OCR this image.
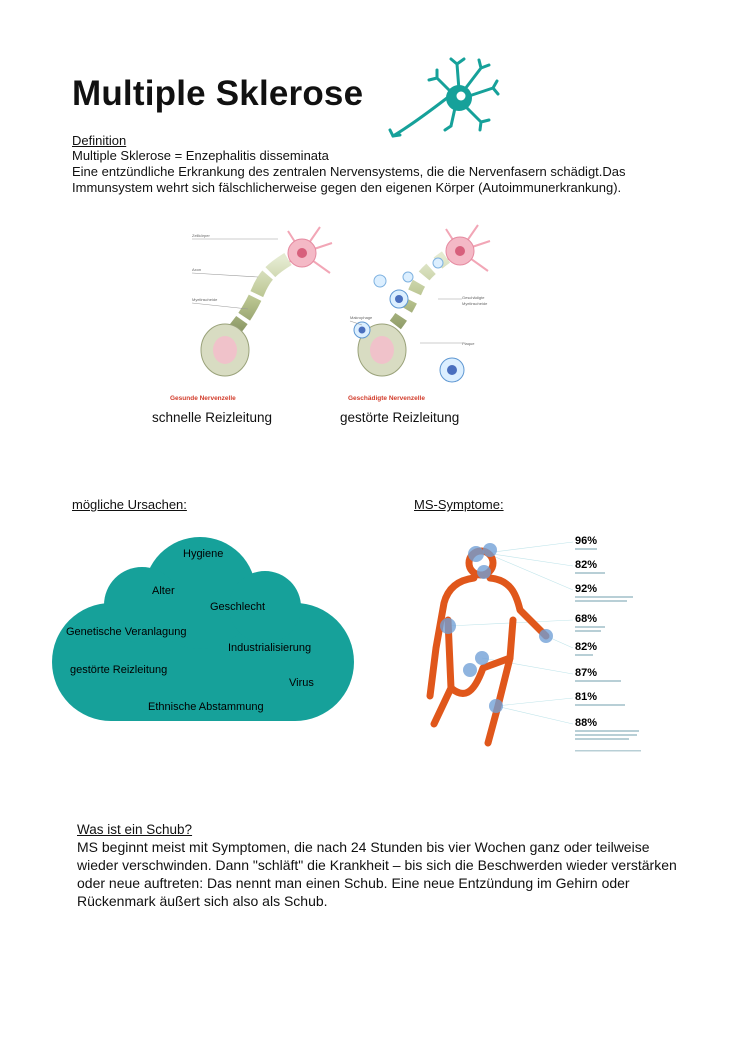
Multiple Sklerose
Definition
Multiple Sklerose = Enzephalitis disseminata
Eine entzündliche Erkrankung des zentralen Nervensystems, die die Nervenfasern schädigt.Das Immunsystem wehrt sich fälschlicherweise gegen den eigenen Körper (Autoimmunerkrankung).
Zellkörper
Axon
Myelinscheide	Geschädigte
Myelinscheide
Plaque
Makrophage
Gesunde Nervenzelle	Geschädigte Nervenzelle
schnelle Reizleitung	gestörte Reizleitung
mögliche Ursachen:	MS-Symptome:
Hygiene
Alter
Geschlecht
Genetische Veranlagung
Industrialisierung
gestörte Reizleitung
Virus
Ethnische Abstammung
96%
82%
92%
68%
82%
87%
81%
88%
Was ist ein Schub?
MS beginnt meist mit Symptomen, die nach 24 Stunden bis vier Wochen ganz oder teilweise wieder verschwinden. Dann "schläft" die Krankheit – bis sich die Beschwerden wieder verstärken oder neue auftreten: Das nennt man einen Schub. Eine neue Entzündung im Gehirn oder Rückenmark äußert sich also als Schub.
